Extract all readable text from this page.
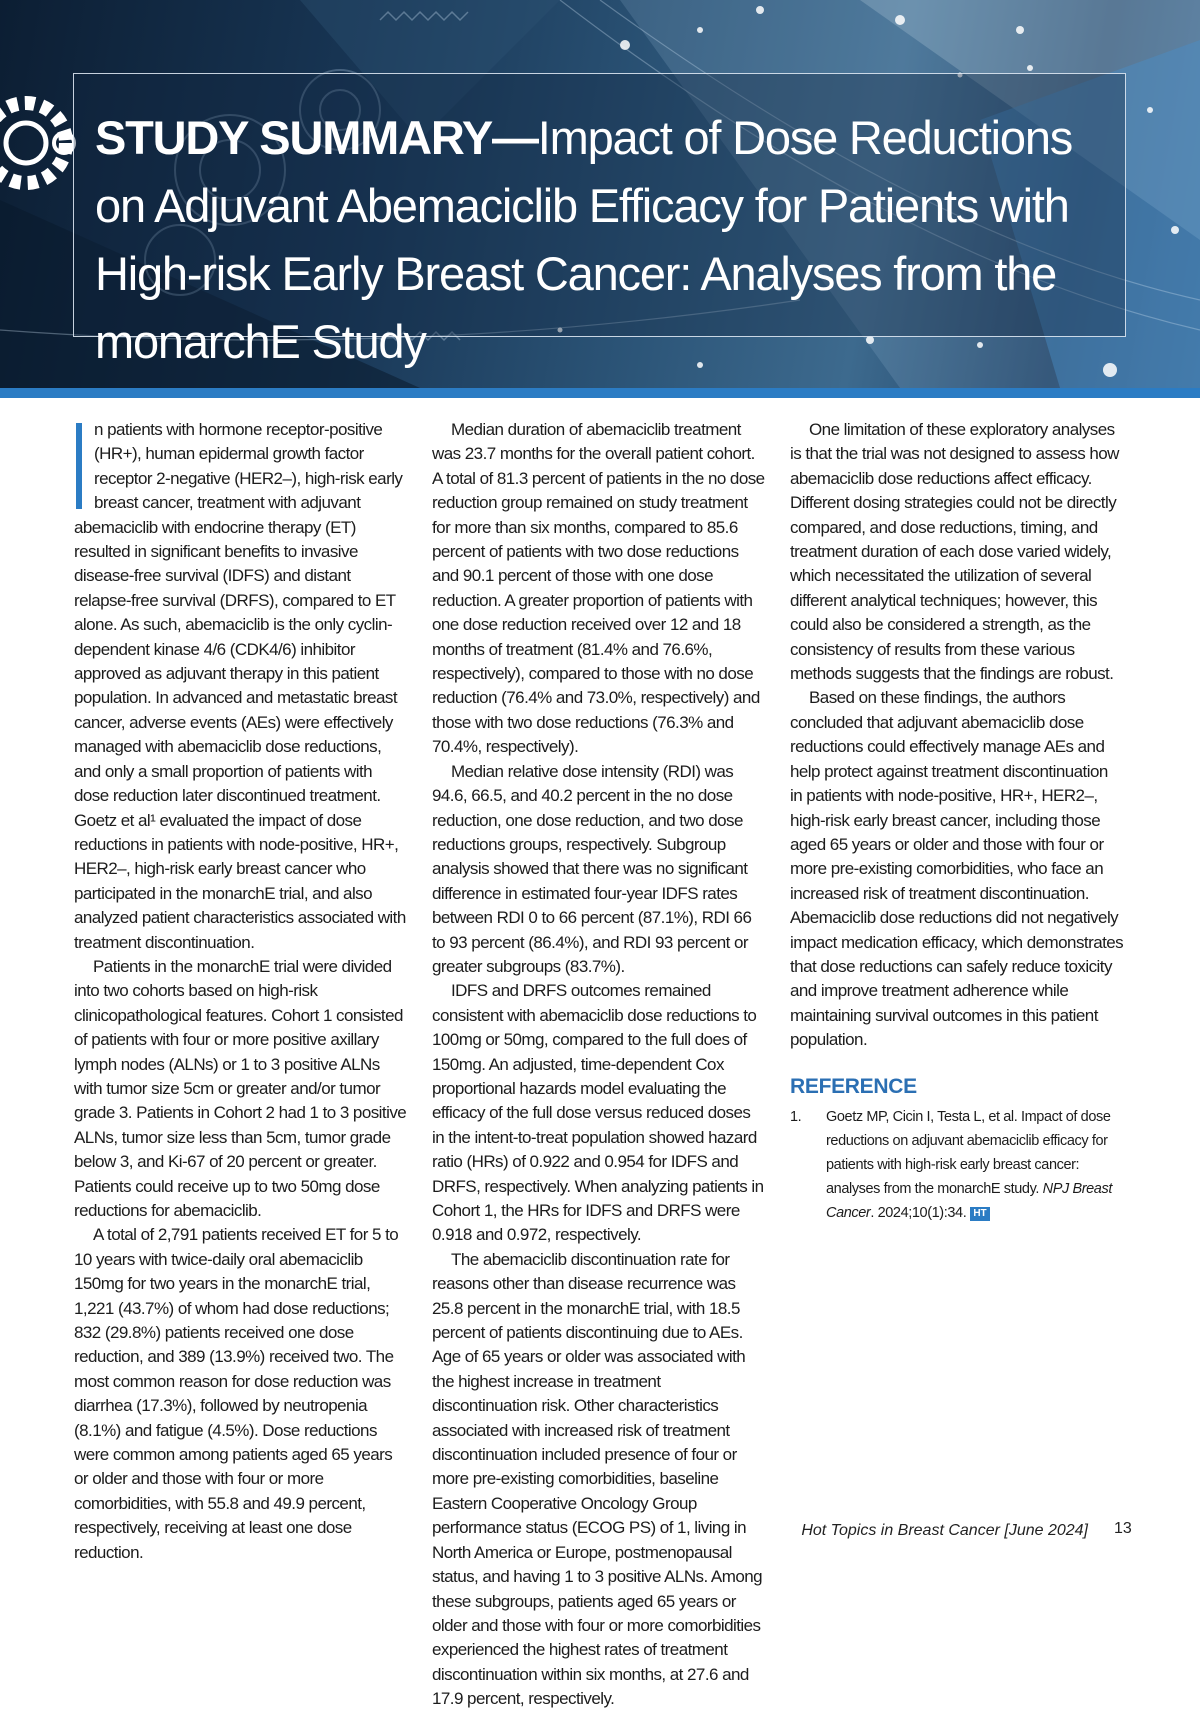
STUDY SUMMARY—Impact of Dose Reductions on Adjuvant Abemaciclib Efficacy for Patients with High-risk Early Breast Cancer: Analyses from the monarchE Study

n patients with hormone receptor-positive (HR+), human epidermal growth factor receptor 2-negative (HER2–), high-risk early breast cancer, treatment with adjuvant abemaciclib with endocrine therapy (ET) resulted in significant benefits to invasive disease-free survival (IDFS) and distant relapse-free survival (DRFS), compared to ET alone. As such, abemaciclib is the only cyclin-dependent kinase 4/6 (CDK4/6) inhibitor approved as adjuvant therapy in this patient population. In advanced and metastatic breast cancer, adverse events (AEs) were effectively managed with abemaciclib dose reductions, and only a small proportion of patients with dose reduction later discontinued treatment. Goetz et al¹ evaluated the impact of dose reductions in patients with node-positive, HR+, HER2–, high-risk early breast cancer who participated in the monarchE trial, and also analyzed patient characteristics associated with treatment discontinuation.

Patients in the monarchE trial were divided into two cohorts based on high-risk clinicopathological features. Cohort 1 consisted of patients with four or more positive axillary lymph nodes (ALNs) or 1 to 3 positive ALNs with tumor size 5cm or greater and/or tumor grade 3. Patients in Cohort 2 had 1 to 3 positive ALNs, tumor size less than 5cm, tumor grade below 3, and Ki-67 of 20 percent or greater. Patients could receive up to two 50mg dose reductions for abemaciclib.

A total of 2,791 patients received ET for 5 to 10 years with twice-daily oral abemaciclib 150mg for two years in the monarchE trial, 1,221 (43.7%) of whom had dose reductions; 832 (29.8%) patients received one dose reduction, and 389 (13.9%) received two. The most common reason for dose reduction was diarrhea (17.3%), followed by neutropenia (8.1%) and fatigue (4.5%). Dose reductions were common among patients aged 65 years or older and those with four or more comorbidities, with 55.8 and 49.9 percent, respectively, receiving at least one dose reduction.

Median duration of abemaciclib treatment was 23.7 months for the overall patient cohort. A total of 81.3 percent of patients in the no dose reduction group remained on study treatment for more than six months, compared to 85.6 percent of patients with two dose reductions and 90.1 percent of those with one dose reduction. A greater proportion of patients with one dose reduction received over 12 and 18 months of treatment (81.4% and 76.6%, respectively), compared to those with no dose reduction (76.4% and 73.0%, respectively) and those with two dose reductions (76.3% and 70.4%, respectively).

Median relative dose intensity (RDI) was 94.6, 66.5, and 40.2 percent in the no dose reduction, one dose reduction, and two dose reductions groups, respectively. Subgroup analysis showed that there was no significant difference in estimated four-year IDFS rates between RDI 0 to 66 percent (87.1%), RDI 66 to 93 percent (86.4%), and RDI 93 percent or greater subgroups (83.7%).

IDFS and DRFS outcomes remained consistent with abemaciclib dose reductions to 100mg or 50mg, compared to the full does of 150mg. An adjusted, time-dependent Cox proportional hazards model evaluating the efficacy of the full dose versus reduced doses in the intent-to-treat population showed hazard ratio (HRs) of 0.922 and 0.954 for IDFS and DRFS, respectively. When analyzing patients in Cohort 1, the HRs for IDFS and DRFS were 0.918 and 0.972, respectively.

The abemaciclib discontinuation rate for reasons other than disease recurrence was 25.8 percent in the monarchE trial, with 18.5 percent of patients discontinuing due to AEs. Age of 65 years or older was associated with the highest increase in treatment discontinuation risk. Other characteristics associated with increased risk of treatment discontinuation included presence of four or more pre-existing comorbidities, baseline Eastern Cooperative Oncology Group performance status (ECOG PS) of 1, living in North America or Europe, postmenopausal status, and having 1 to 3 positive ALNs. Among these subgroups, patients aged 65 years or older and those with four or more comorbidities experienced the highest rates of treatment discontinuation within six months, at 27.6 and 17.9 percent, respectively.

One limitation of these exploratory analyses is that the trial was not designed to assess how abemaciclib dose reductions affect efficacy. Different dosing strategies could not be directly compared, and dose reductions, timing, and treatment duration of each dose varied widely, which necessitated the utilization of several different analytical techniques; however, this could also be considered a strength, as the consistency of results from these various methods suggests that the findings are robust.

Based on these findings, the authors concluded that adjuvant abemaciclib dose reductions could effectively manage AEs and help protect against treatment discontinuation in patients with node-positive, HR+, HER2–, high-risk early breast cancer, including those aged 65 years or older and those with four or more pre-existing comorbidities, who face an increased risk of treatment discontinuation. Abemaciclib dose reductions did not negatively impact medication efficacy, which demonstrates that dose reductions can safely reduce toxicity and improve treatment adherence while maintaining survival outcomes in this patient population.

REFERENCE

1.	Goetz MP, Cicin I, Testa L, et al. Impact of dose reductions on adjuvant abemaciclib efficacy for patients with high-risk early breast cancer: analyses from the monarchE study. NPJ Breast Cancer. 2024;10(1):34. HT
Hot Topics in Breast Cancer [June 2024] 13
